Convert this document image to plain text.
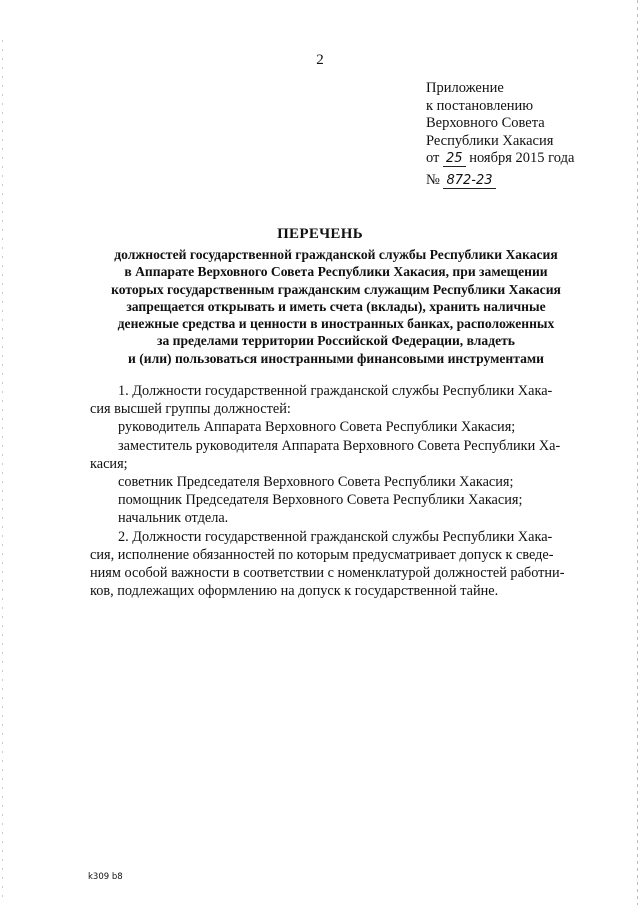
2
Приложение
к постановлению
Верховного Совета
Республики Хакасия
от 25 ноября 2015 года
№ 872-23
ПЕРЕЧЕНЬ
должностей государственной гражданской службы Республики Хакасия
в Аппарате Верховного Совета Республики Хакасия, при замещении
которых государственным гражданским служащим Республики Хакасия
запрещается открывать и иметь счета (вклады), хранить наличные
денежные средства и ценности в иностранных банках, расположенных
за пределами территории Российской Федерации, владеть
и (или) пользоваться иностранными финансовыми инструментами
1. Должности государственной гражданской службы Республики Хака-
сия высшей группы должностей:
руководитель Аппарата Верховного Совета Республики Хакасия;
заместитель руководителя Аппарата Верховного Совета Республики Ха-
касия;
советник Председателя Верховного Совета Республики Хакасия;
помощник Председателя Верховного Совета Республики Хакасия;
начальник отдела.
2. Должности государственной гражданской службы Республики Хака-
сия, исполнение обязанностей по которым предусматривает допуск к сведе-
ниям особой важности в соответствии с номенклатурой должностей работни-
ков, подлежащих оформлению на допуск к государственной тайне.
k309 b8
